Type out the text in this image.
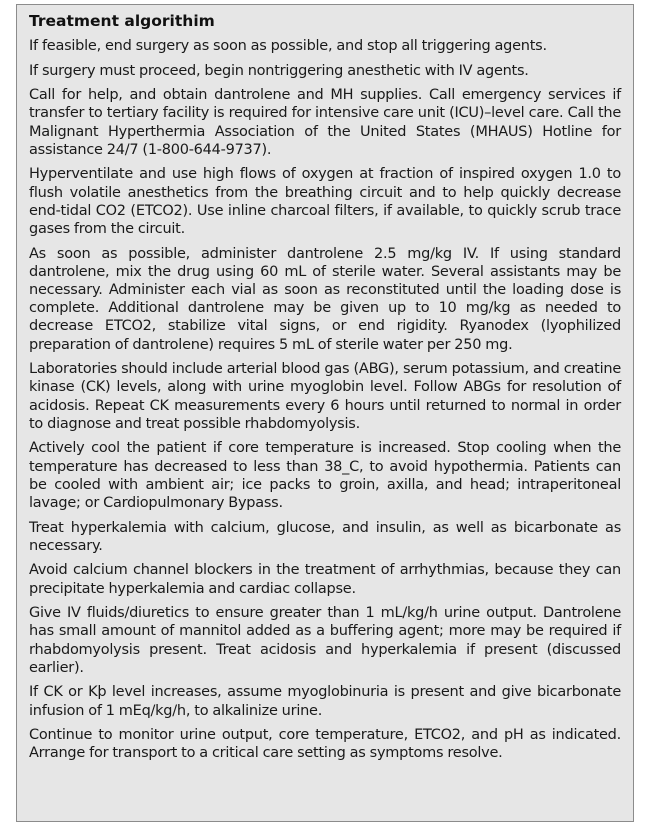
Treatment algorithim

If feasible, end surgery as soon as possible, and stop all triggering agents.

If surgery must proceed, begin nontriggering anesthetic with IV agents.

Call for help, and obtain dantrolene and MH supplies. Call emergency services if transfer to tertiary facility is required for intensive care unit (ICU)–level care. Call the Malignant Hyperthermia Association of the United States (MHAUS) Hotline for assistance 24/7 (1-800-644-9737).

Hyperventilate and use high flows of oxygen at fraction of inspired oxygen 1.0 to flush volatile anesthetics from the breathing circuit and to help quickly decrease end-tidal CO2 (ETCO2). Use inline charcoal filters, if available, to quickly scrub trace gases from the circuit.

As soon as possible, administer dantrolene 2.5 mg/kg IV. If using standard dantrolene, mix the drug using 60 mL of sterile water. Several assistants may be necessary. Administer each vial as soon as reconstituted until the loading dose is complete. Additional dantrolene may be given up to 10 mg/kg as needed to decrease ETCO2, stabilize vital signs, or end rigidity. Ryanodex (lyophilized preparation of dantrolene) requires 5 mL of sterile water per 250 mg.

Laboratories should include arterial blood gas (ABG), serum potassium, and creatine kinase (CK) levels, along with urine myoglobin level. Follow ABGs for resolution of acidosis. Repeat CK measurements every 6 hours until returned to normal in order to diagnose and treat possible rhabdomyolysis.

Actively cool the patient if core temperature is increased. Stop cooling when the temperature has decreased to less than 38_C, to avoid hypothermia. Patients can be cooled with ambient air; ice packs to groin, axilla, and head; intraperitoneal lavage; or Cardiopulmonary Bypass.

Treat hyperkalemia with calcium, glucose, and insulin, as well as bicarbonate as necessary.

Avoid calcium channel blockers in the treatment of arrhythmias, because they can precipitate hyperkalemia and cardiac collapse.

Give IV fluids/diuretics to ensure greater than 1 mL/kg/h urine output. Dantrolene has small amount of mannitol added as a buffering agent; more may be required if rhabdomyolysis present. Treat acidosis and hyperkalemia if present (discussed earlier).

If CK or Kþ level increases, assume myoglobinuria is present and give bicarbonate infusion of 1 mEq/kg/h, to alkalinize urine.

Continue to monitor urine output, core temperature, ETCO2, and pH as indicated. Arrange for transport to a critical care setting as symptoms resolve.
